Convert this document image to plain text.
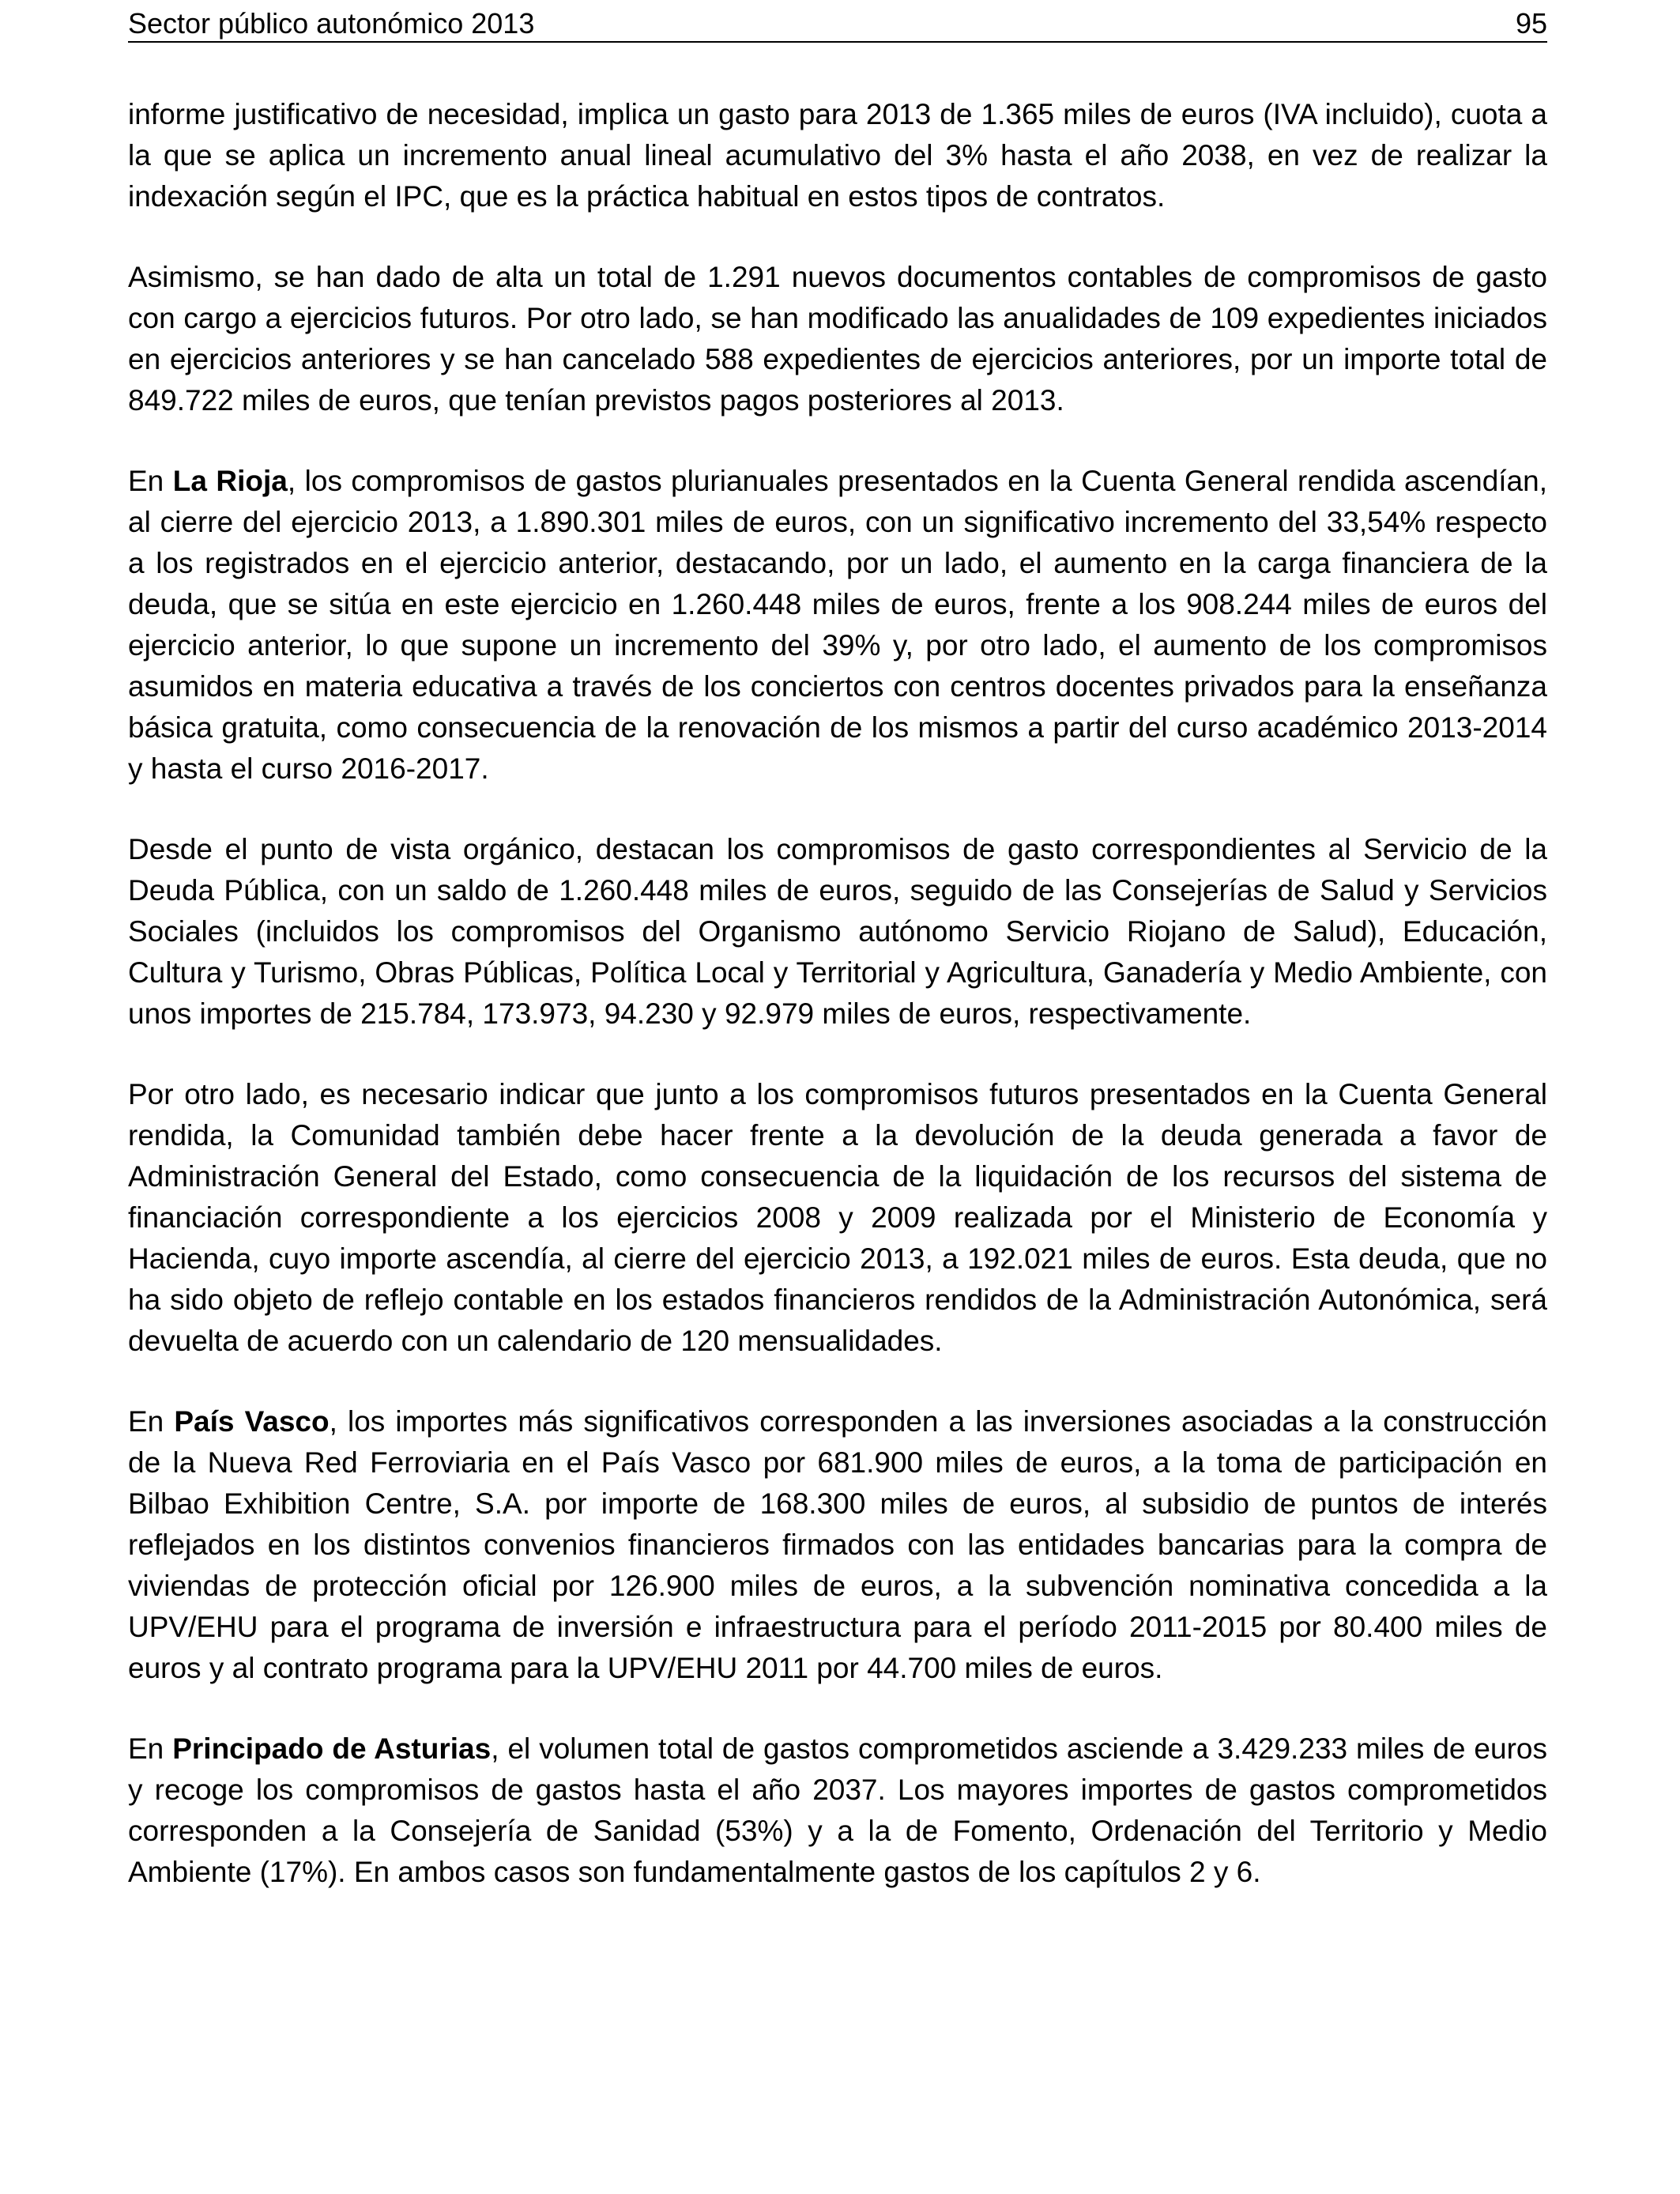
Sector público autonómico 2013	95

informe justificativo de necesidad, implica un gasto para 2013 de 1.365 miles de euros (IVA incluido), cuota a la que se aplica un incremento anual lineal acumulativo del 3% hasta el año 2038, en vez de realizar la indexación según el IPC, que es la práctica habitual en estos tipos de contratos.

Asimismo, se han dado de alta un total de 1.291 nuevos documentos contables de compromisos de gasto con cargo a ejercicios futuros. Por otro lado, se han modificado las anualidades de 109 expedientes iniciados en ejercicios anteriores y se han cancelado 588 expedientes de ejercicios anteriores, por un importe total de 849.722 miles de euros, que tenían previstos pagos posteriores al 2013.

En La Rioja, los compromisos de gastos plurianuales presentados en la Cuenta General rendida ascendían, al cierre del ejercicio 2013, a 1.890.301 miles de euros, con un significativo incremento del 33,54% respecto a los registrados en el ejercicio anterior, destacando, por un lado, el aumento en la carga financiera de la deuda, que se sitúa en este ejercicio en 1.260.448 miles de euros, frente a los 908.244 miles de euros del ejercicio anterior, lo que supone un incremento del 39% y, por otro lado, el aumento de los compromisos asumidos en materia educativa a través de los conciertos con centros docentes privados para la enseñanza básica gratuita, como consecuencia de la renovación de los mismos a partir del curso académico 2013-2014 y hasta el curso 2016-2017.

Desde el punto de vista orgánico, destacan los compromisos de gasto correspondientes al Servicio de la Deuda Pública, con un saldo de 1.260.448 miles de euros, seguido de las Consejerías de Salud y Servicios Sociales (incluidos los compromisos del Organismo autónomo Servicio Riojano de Salud), Educación, Cultura y Turismo, Obras Públicas, Política Local y Territorial y Agricultura, Ganadería y Medio Ambiente, con unos importes de 215.784, 173.973, 94.230 y 92.979 miles de euros, respectivamente.

Por otro lado, es necesario indicar que junto a los compromisos futuros presentados en la Cuenta General rendida, la Comunidad también debe hacer frente a la devolución de la deuda generada a favor de Administración General del Estado, como consecuencia de la liquidación de los recursos del sistema de financiación correspondiente a los ejercicios 2008 y 2009 realizada por el Ministerio de Economía y Hacienda, cuyo importe ascendía, al cierre del ejercicio 2013, a 192.021 miles de euros. Esta deuda, que no ha sido objeto de reflejo contable en los estados financieros rendidos de la Administración Autonómica, será devuelta de acuerdo con un calendario de 120 mensualidades.

En País Vasco, los importes más significativos corresponden a las inversiones asociadas a la construcción de la Nueva Red Ferroviaria en el País Vasco por 681.900 miles de euros, a la toma de participación en Bilbao Exhibition Centre, S.A. por importe de 168.300 miles de euros, al subsidio de puntos de interés reflejados en los distintos convenios financieros firmados con las entidades bancarias para la compra de viviendas de protección oficial por 126.900 miles de euros, a la subvención nominativa concedida a la UPV/EHU para el programa de inversión e infraestructura para el período 2011-2015 por 80.400 miles de euros y al contrato programa para la UPV/EHU 2011 por 44.700 miles de euros.

En Principado de Asturias, el volumen total de gastos comprometidos asciende a 3.429.233 miles de euros y recoge los compromisos de gastos hasta el año 2037. Los mayores importes de gastos comprometidos corresponden a la Consejería de Sanidad (53%) y a la de Fomento, Ordenación del Territorio y Medio Ambiente (17%). En ambos casos son fundamentalmente gastos de los capítulos 2 y 6.
